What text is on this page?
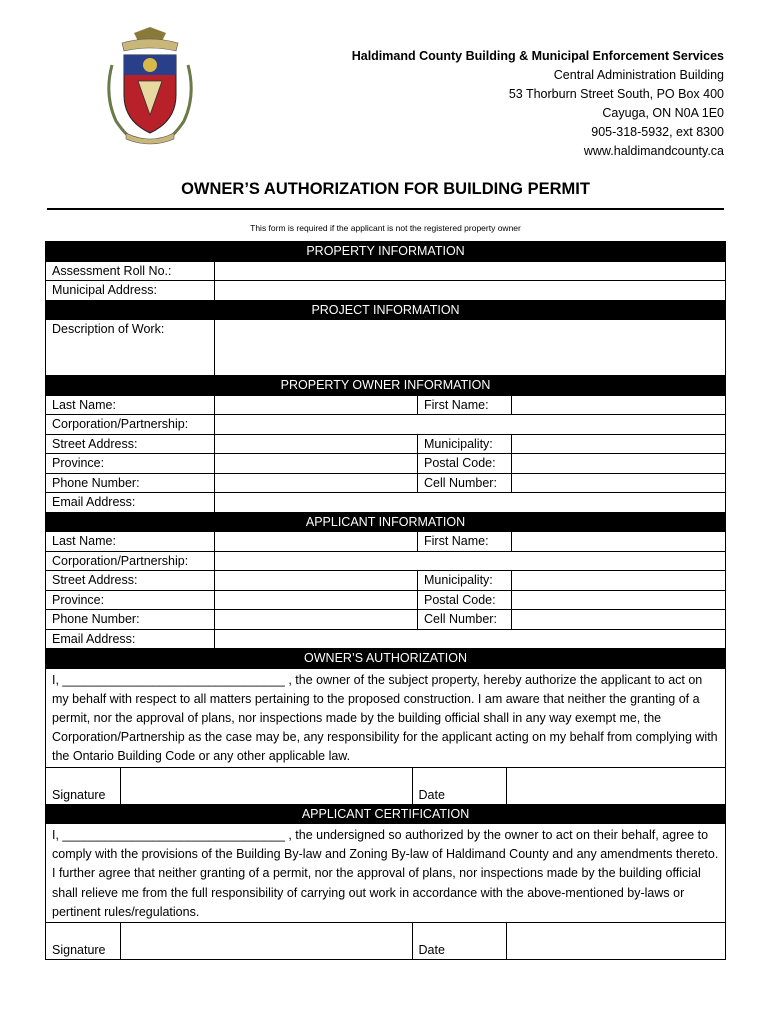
Haldimand County Building & Municipal Enforcement Services
Central Administration Building
53 Thorburn Street South, PO Box 400
Cayuga, ON N0A 1E0
905-318-5932, ext 8300
www.haldimandcounty.ca
OWNER’S AUTHORIZATION FOR BUILDING PERMIT
This form is required if the applicant is not the registered property owner
PROPERTY INFORMATION
Assessment Roll No.:	
Municipal Address:	
PROJECT INFORMATION
Description of Work:	
PROPERTY OWNER INFORMATION
Last Name:		First Name:	
Corporation/Partnership:	
Street Address:		Municipality:	
Province:		Postal Code:	
Phone Number:		Cell Number:	
Email Address:	
APPLICANT INFORMATION
Last Name:		First Name:	
Corporation/Partnership:	
Street Address:		Municipality:	
Province:		Postal Code:	
Phone Number:		Cell Number:	
Email Address:	
OWNER’S AUTHORIZATION
I, ________________________________ , the owner of the subject property, hereby authorize the applicant to act on my behalf with respect to all matters pertaining to the proposed construction. I am aware that neither the granting of a permit, nor the approval of plans, nor inspections made by the building official shall in any way exempt me, the Corporation/Partnership as the case may be, any responsibility for the applicant acting on my behalf from complying with the Ontario Building Code or any other applicable law.

Signature		Date	

APPLICANT CERTIFICATION
I, ________________________________ , the undersigned so authorized by the owner to act on their behalf, agree to comply with the provisions of the Building By-law and Zoning By-law of Haldimand County and any amendments thereto. I further agree that neither granting of a permit, nor the approval of plans, nor inspections made by the building official shall relieve me from the full responsibility of carrying out work in accordance with the above-mentioned by-laws or pertinent rules/regulations.

Signature		Date	
